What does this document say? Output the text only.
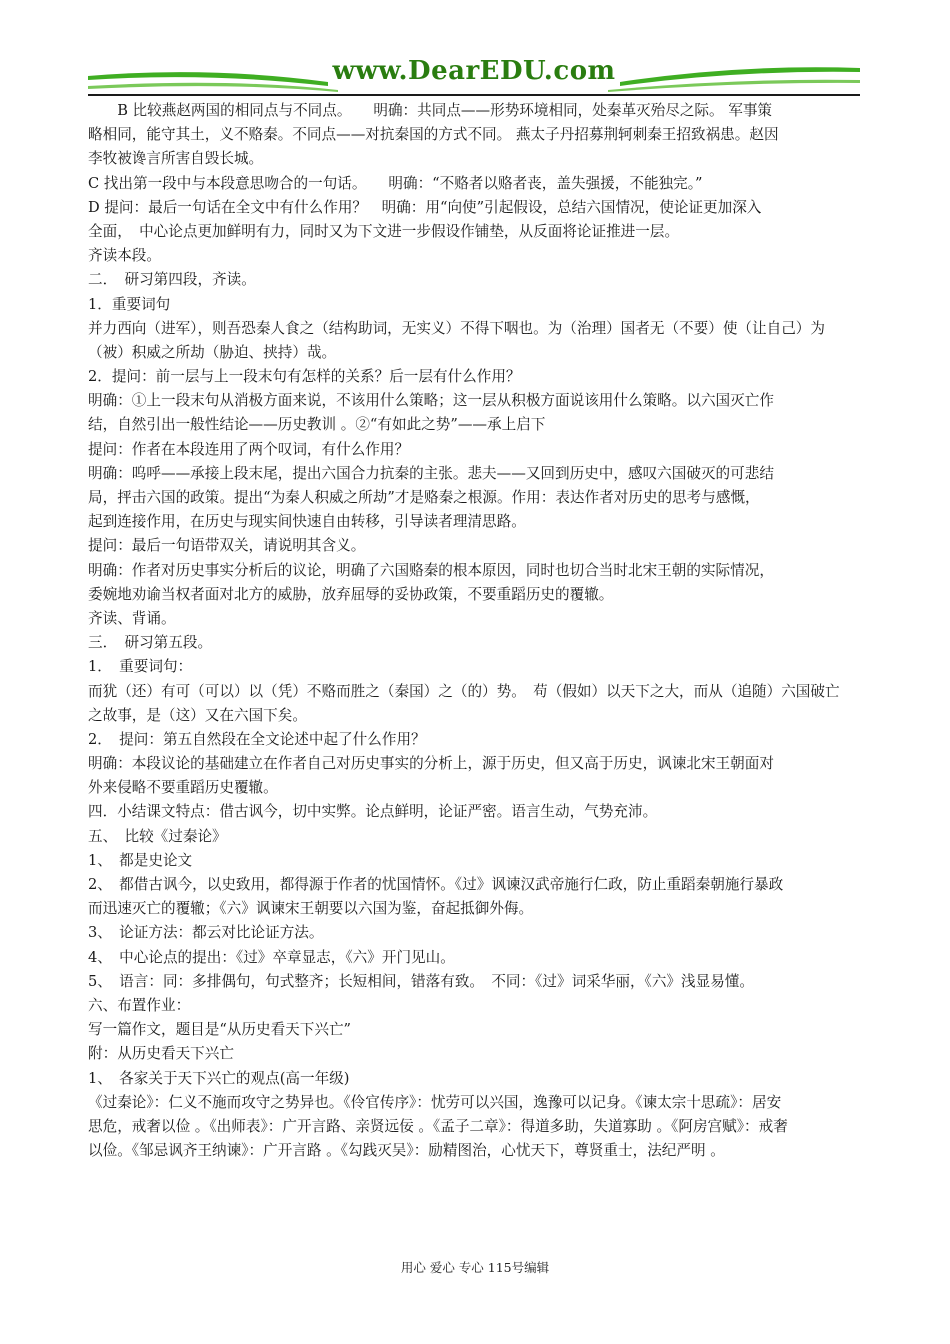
www.DearEDU.com
　　B 比较燕赵两国的相同点与不同点。　　明确：共同点——形势环境相同，处秦革灭殆尽之际。 军事策
略相同，能守其土，义不赂秦。不同点——对抗秦国的方式不同。 燕太子丹招募荆轲刺秦王招致祸患。赵因
李牧被谗言所害自毁长城。
C 找出第一段中与本段意思吻合的一句话。　　明确：“不赂者以赂者丧，盖失强援，不能独完。”
D 提问：最后一句话在全文中有什么作用？　明确：用“向使”引起假设，总结六国情况，使论证更加深入
全面，　中心论点更加鲜明有力，同时又为下文进一步假设作铺垫，从反面将论证推进一层。
齐读本段。
二．　研习第四段，齐读。
1．重要词句
并力西向（进军），则吾恐秦人食之（结构助词，无实义）不得下咽也。为（治理）国者无（不要）使（让自己）为
（被）积威之所劫（胁迫、挟持）哉。
2．提问：前一层与上一段末句有怎样的关系？后一层有什么作用？
明确：①上一段末句从消极方面来说，不该用什么策略；这一层从积极方面说该用什么策略。以六国灭亡作
结，自然引出一般性结论——历史教训 。②“有如此之势”——承上启下
提问：作者在本段连用了两个叹词，有什么作用？
明确：呜呼——承接上段末尾，提出六国合力抗秦的主张。悲夫——又回到历史中，感叹六国破灭的可悲结
局，抨击六国的政策。提出“为秦人积威之所劫”才是赂秦之根源。作用：表达作者对历史的思考与感慨，
起到连接作用，在历史与现实间快速自由转移，引导读者理清思路。
提问：最后一句语带双关，请说明其含义。
明确：作者对历史事实分析后的议论，明确了六国赂秦的根本原因，同时也切合当时北宋王朝的实际情况，
委婉地劝谕当权者面对北方的威胁，放弃屈辱的妥协政策，不要重蹈历史的覆辙。
齐读、背诵。
三．　研习第五段。
1．　重要词句：
而犹（还）有可（可以）以（凭）不赂而胜之（秦国）之（的）势。　苟（假如）以天下之大，而从（追随）六国破亡
之故事，是（这）又在六国下矣。
2．　提问：第五自然段在全文论述中起了什么作用？
明确：本段议论的基础建立在作者自己对历史事实的分析上，源于历史，但又高于历史，讽谏北宋王朝面对
外来侵略不要重蹈历史覆辙。
四．小结课文特点：借古讽今，切中实弊。论点鲜明，论证严密。语言生动，气势充沛。
五、　比较《过秦论》
1、　都是史论文
2、　都借古讽今，以史致用，都得源于作者的忧国情怀。《过》讽谏汉武帝施行仁政，防止重蹈秦朝施行暴政
而迅速灭亡的覆辙；《六》讽谏宋王朝要以六国为鉴，奋起抵御外侮。
3、　论证方法：都云对比论证方法。
4、　中心论点的提出：《过》卒章显志，《六》开门见山。
5、　语言：同：多排偶句，句式整齐；长短相间，错落有致。　不同：《过》词采华丽，《六》浅显易懂。
六、布置作业：
写一篇作文，题目是“从历史看天下兴亡”
附：从历史看天下兴亡
1、　各家关于天下兴亡的观点(高一年级)
《过秦论》：仁义不施而攻守之势异也。《伶官传序》：忧劳可以兴国，逸豫可以记身。《谏太宗十思疏》：居安
思危，戒奢以俭 。《出师表》：广开言路、亲贤远佞 。《孟子二章》：得道多助，失道寡助 。《阿房宫赋》：戒奢
以俭。《邹忌讽齐王纳谏》：广开言路 。《勾践灭吴》：励精图治，心忧天下，尊贤重士，法纪严明 。
用心 爱心 专心 115号编辑
